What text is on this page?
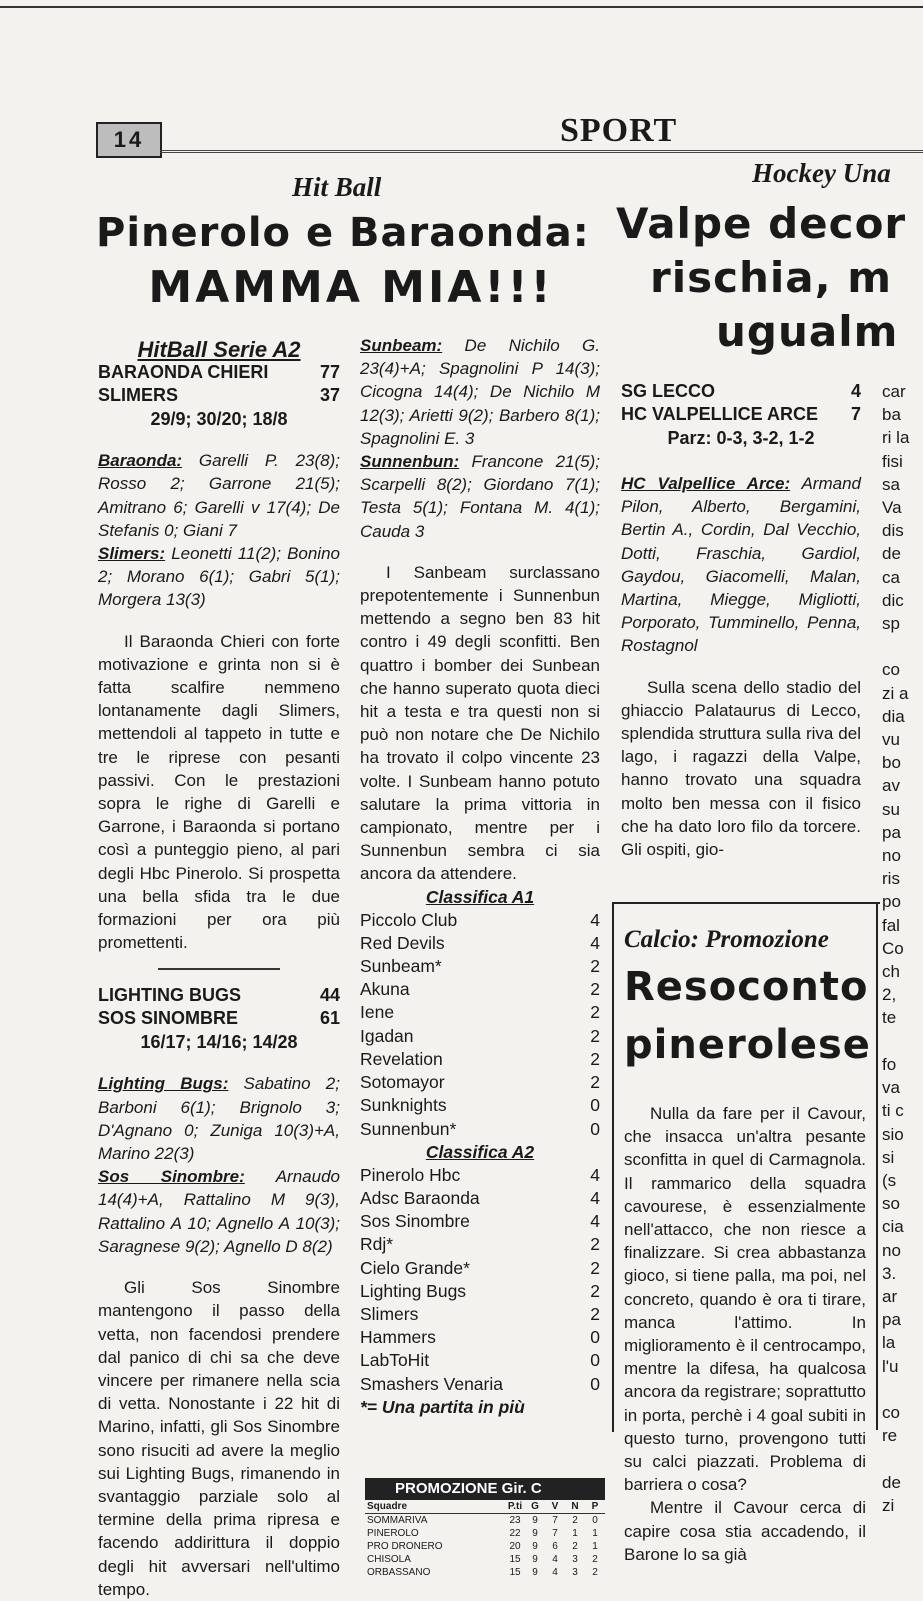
14	SPORT
Hit Ball
Pinerolo e Baraonda:
MAMMA MIA!!!
HitBall Serie A2
BARAONDA CHIERI	77
SLIMERS	37
29/9; 30/20; 18/8
Baraonda: Garelli P. 23(8); Rosso 2; Garrone 21(5); Amitrano 6; Garelli v 17(4); De Stefanis 0; Giani 7
Slimers: Leonetti 11(2); Bonino 2; Morano 6(1); Gabri 5(1); Morgera 13(3)
Il Baraonda Chieri con forte motivazione e grinta non si è fatta scalfire nemmeno lontanamente dagli Slimers, mettendoli al tappeto in tutte e tre le riprese con pesanti passivi. Con le prestazioni sopra le righe di Garelli e Garrone, i Baraonda si portano così a punteggio pieno, al pari degli Hbc Pinerolo. Si prospetta una bella sfida tra le due formazioni per ora più promettenti.
LIGHTING BUGS	44
SOS SINOMBRE	61
16/17; 14/16; 14/28
Lighting Bugs: Sabatino 2; Barboni 6(1); Brignolo 3; D'Agnano 0; Zuniga 10(3)+A, Marino 22(3)
Sos Sinombre: Arnaudo 14(4)+A, Rattalino M 9(3), Rattalino A 10; Agnello A 10(3); Saragnese 9(2); Agnello D 8(2)
Gli Sos Sinombre mantengono il passo della vetta, non facendosi prendere dal panico di chi sa che deve vincere per rimanere nella scia di vetta. Nonostante i 22 hit di Marino, infatti, gli Sos Sinombre sono risuciti ad avere la meglio sui Lighting Bugs, rimanendo in svantaggio parziale solo al termine della prima ripresa e facendo addirittura il doppio degli hit avversari nell'ultimo tempo.
Sunbeam: De Nichilo G. 23(4)+A; Spagnolini P 14(3); Cicogna 14(4); De Nichilo M 12(3); Arietti 9(2); Barbero 8(1); Spagnolini E. 3
Sunnenbun: Francone 21(5); Scarpelli 8(2); Giordano 7(1); Testa 5(1); Fontana M. 4(1); Cauda 3
I Sanbeam surclassano prepotentemente i Sunnenbun mettendo a segno ben 83 hit contro i 49 degli sconfitti. Ben quattro i bomber dei Sunbean che hanno superato quota dieci hit a testa e tra questi non si può non notare che De Nichilo ha trovato il colpo vincente 23 volte. I Sunbeam hanno potuto salutare la prima vittoria in campionato, mentre per i Sunnenbun sembra ci sia ancora da attendere.
Classifica A1
Piccolo Club	4
Red Devils	4
Sunbeam*	2
Akuna	2
Iene	2
Igadan	2
Revelation	2
Sotomayor	2
Sunknights	0
Sunnenbun*	0
Classifica A2
Pinerolo Hbc	4
Adsc Baraonda	4
Sos Sinombre	4
Rdj*	2
Cielo Grande*	2
Lighting Bugs	2
Slimers	2
Hammers	0
LabToHit	0
Smashers Venaria	0
*= Una partita in più
PROMOZIONE Gir. C
Squadre	P.ti	G	V	N	P
SOMMARIVA	23	9	7	2	0
PINEROLO	22	9	7	1	1
PRO DRONERO	20	9	6	2	1
CHISOLA	15	9	4	3	2
ORBASSANO	15	9	4	3	2
Hockey Una
Valpe decor
rischia, m
ugualm
SG LECCO	4
HC VALPELLICE ARCE 7
Parz: 0-3, 3-2, 1-2
HC Valpellice Arce: Armand Pilon, Alberto, Bergamini, Bertin A., Cordin, Dal Vecchio, Dotti, Fraschia, Gardiol, Gaydou, Giacomelli, Malan, Martina, Miegge, Migliotti, Porporato, Tumminello, Penna, Rostagnol
Sulla scena dello stadio del ghiaccio Palataurus di Lecco, splendida struttura sulla riva del lago, i ragazzi della Valpe, hanno trovato una squadra molto ben messa con il fisico che ha dato loro filo da torcere. Gli ospiti, gio-
car
ba
ri la
fisi
sa
Va
dis
de
ca
dic
sp

co
zi a
dia
vu
bo
av
su
pa
no
ris
po
fal
Co
ch
2,
te

fo
va
ti c
sio
si
(s
so
cia
no
3.
ar
pa
la
l'u

co
re

de
zi
Calcio: Promozione
Resoconto
pinerolese
Nulla da fare per il Cavour, che insacca un'altra pesante sconfitta in quel di Carmagnola. Il rammarico della squadra cavourese, è essenzialmente nell'attacco, che non riesce a finalizzare. Si crea abbastanza gioco, si tiene palla, ma poi, nel concreto, quando è ora ti tirare, manca l'attimo. In miglioramento è il centrocampo, mentre la difesa, ha qualcosa ancora da registrare; soprattutto in porta, perchè i 4 goal subiti in questo turno, provengono tutti su calci piazzati. Problema di barriera o cosa?
Mentre il Cavour cerca di capire cosa stia accadendo, il Barone lo sa già
